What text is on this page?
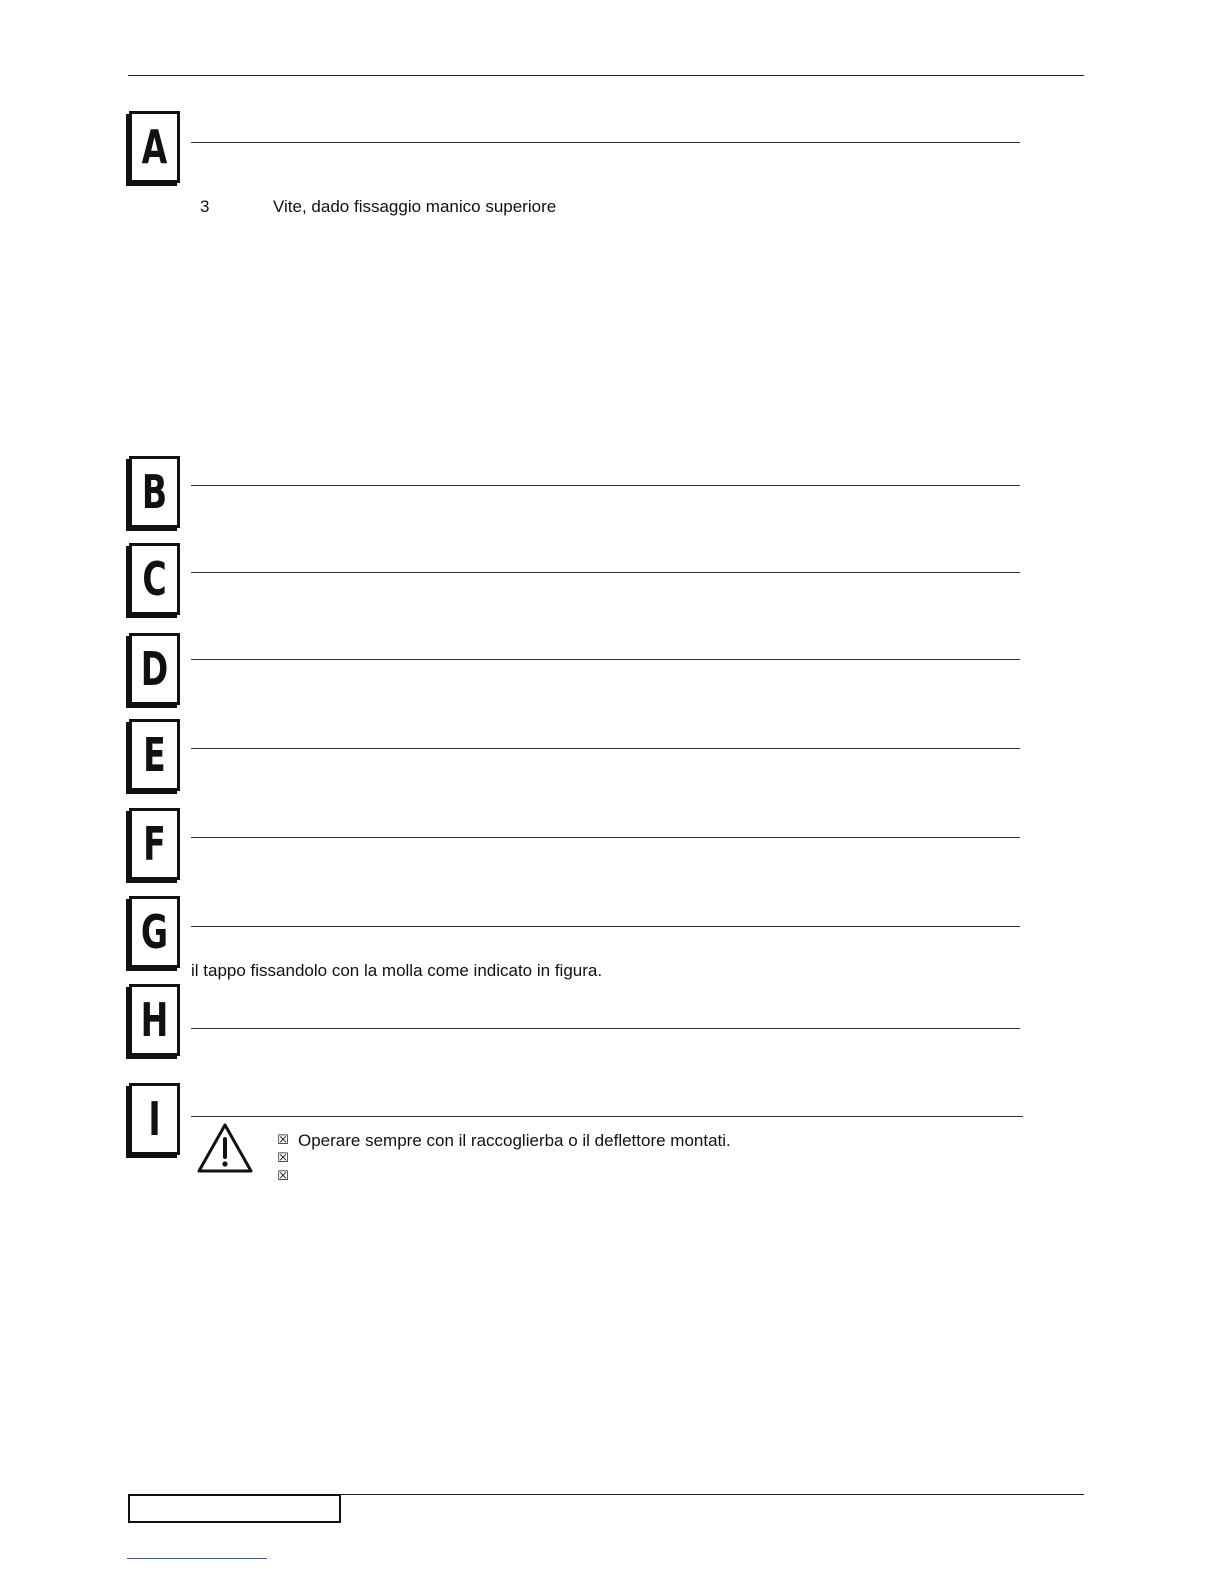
A
3	Vite, dado fissaggio manico superiore
B
C
D
E
F
G
il tappo fissandolo con la molla come indicato in figura.
H
I	☒ Operare sempre con il raccoglierba o il deflettore montati.
☒
☒
